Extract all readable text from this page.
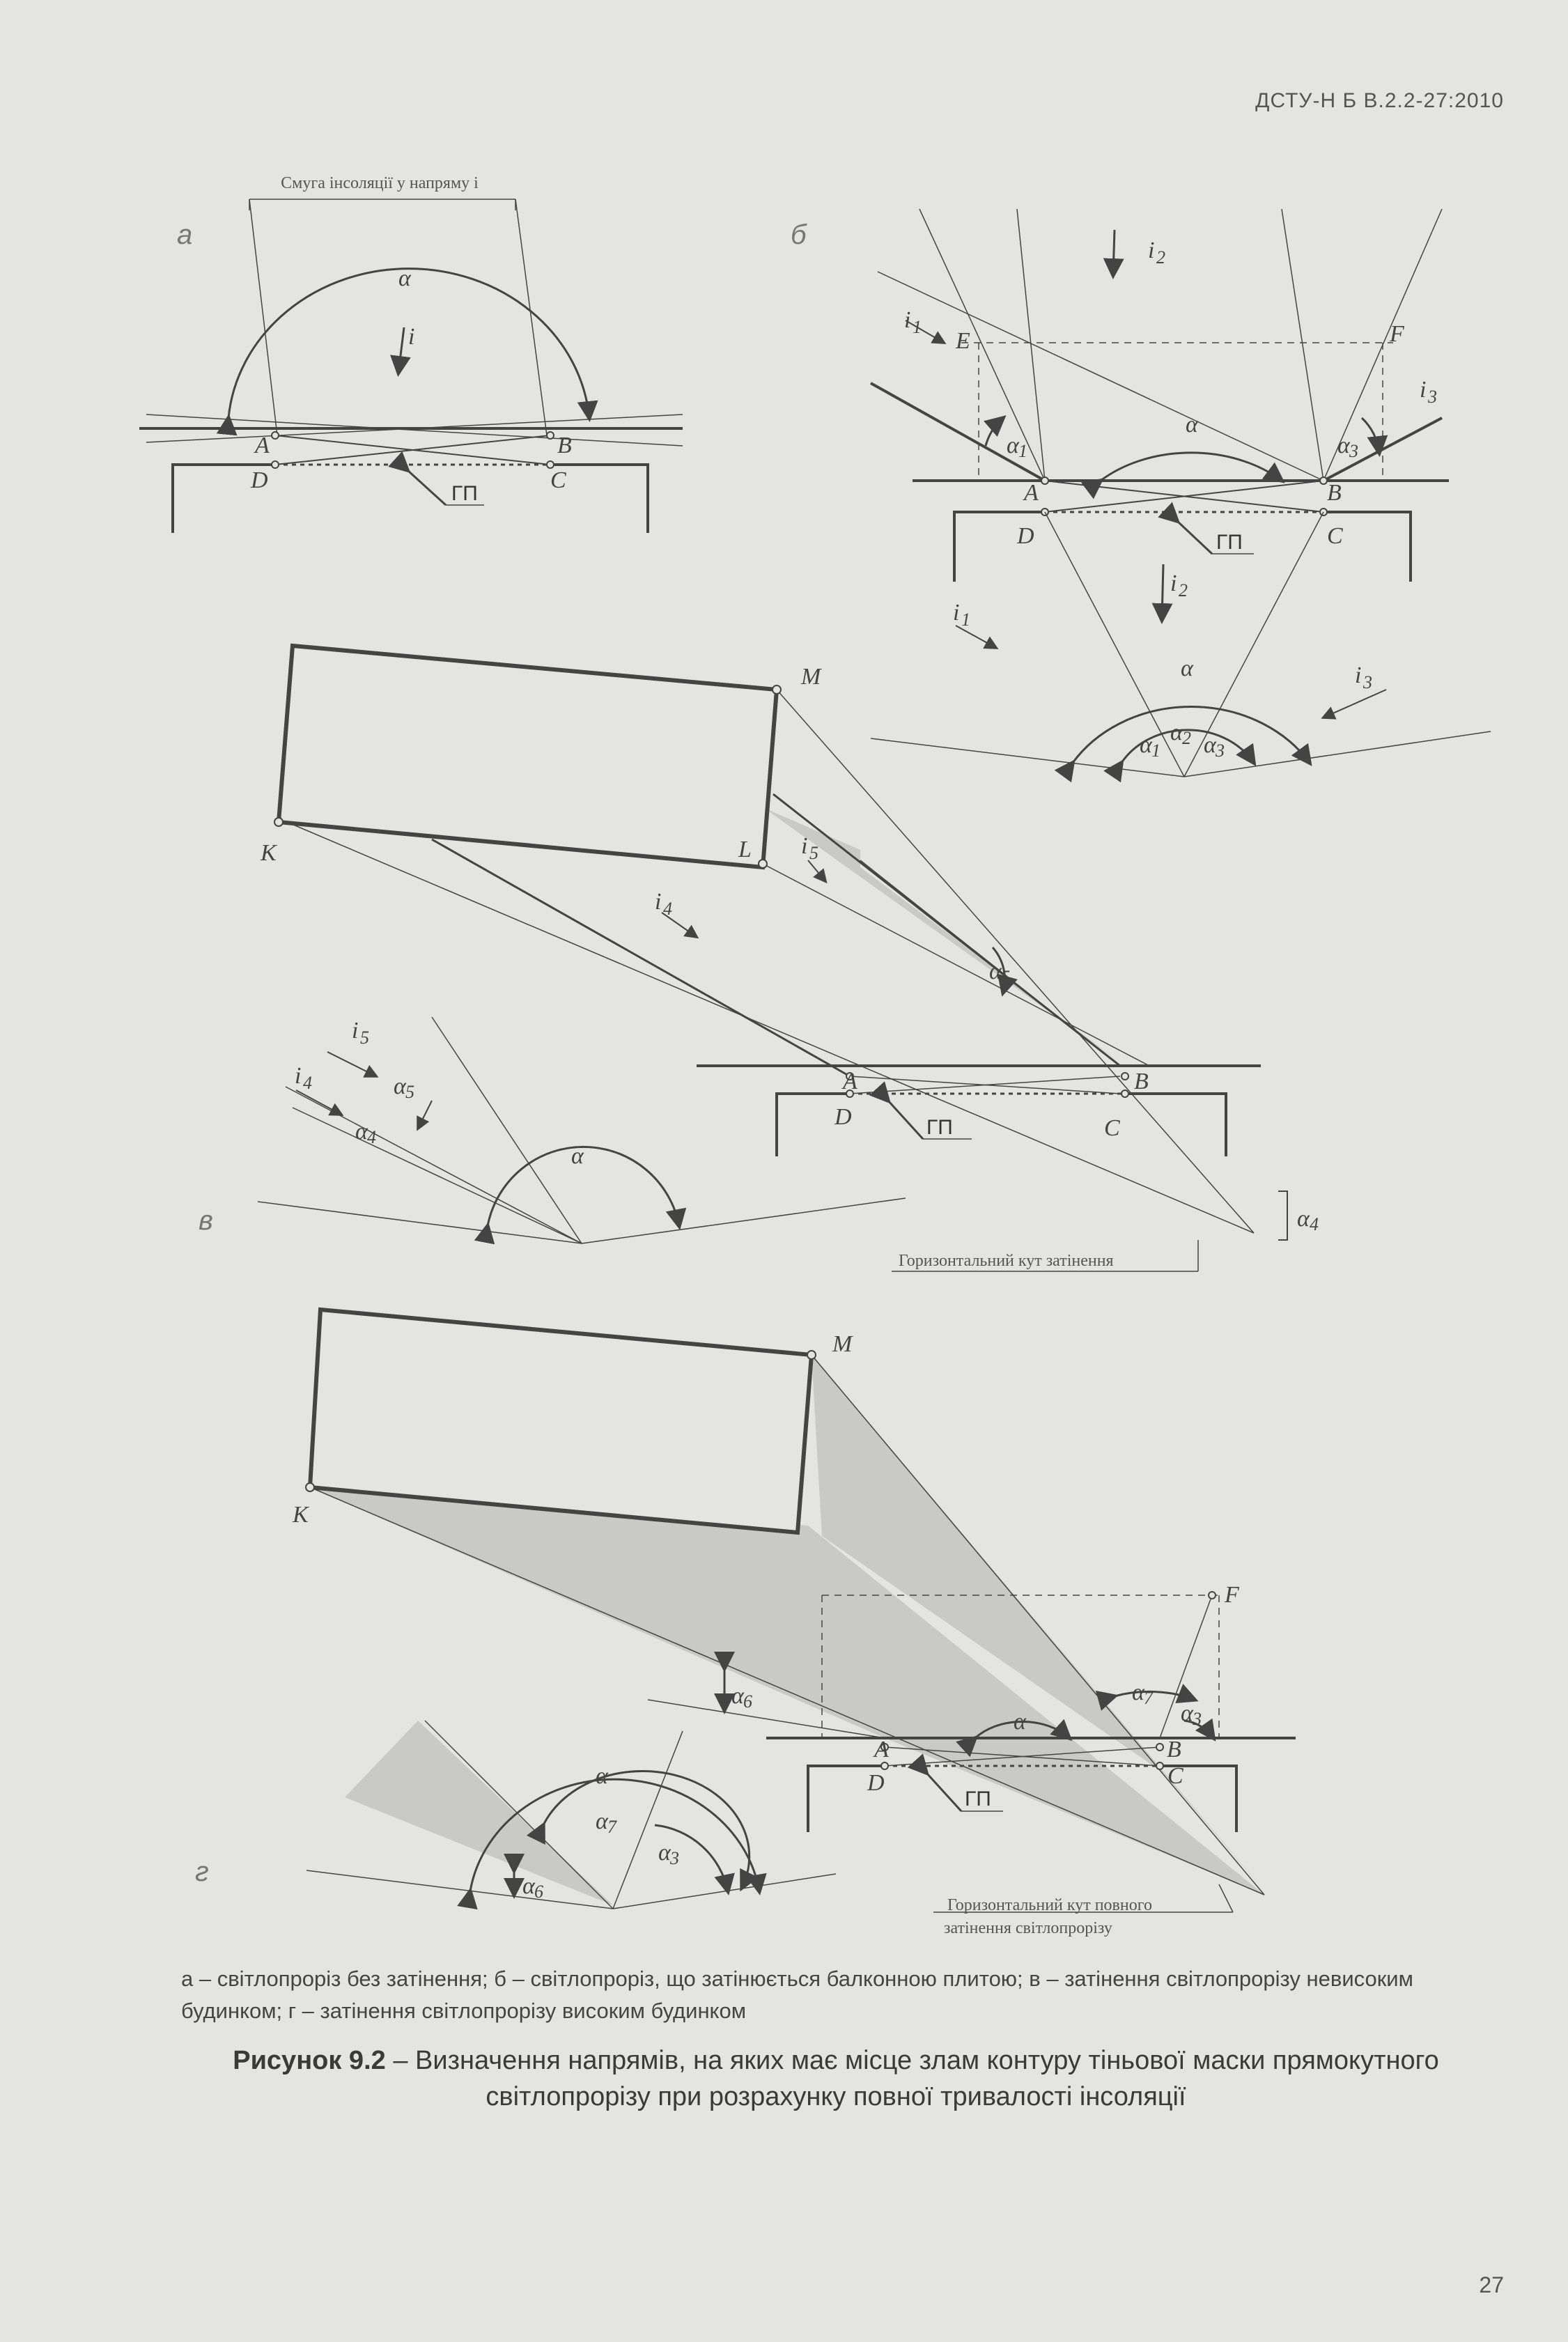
ДСТУ-Н Б В.2.2-27:2010
а
Смуга інсоляції у напряму i
α
i
A	B
D	C
ГП
б
E	F
i 1
i 2
i 3
α
α 1	α 3
A	B
D	C
ГП
α
α 1
α 2 α 3
i 2
i 1
i 3
M
K	L i 5
i 4
α 5
в
A	B
D	C
ГП
α 4
Горизонтальний кут затінення
α
α 5
α 4
i 5
i 4
M
K
F
α 7
α 3
α 6
α
A	B
D	C
ГП
Горизонтальний кут повного
затінення світлопрорізу
г
α
α 7
α 3
α 6
а – світлопроріз без затінення; б – світлопроріз, що затінюється балконною плитою; в – затінення світлопрорізу невисоким будинком; г – затінення світлопрорізу високим будинком
Рисунок 9.2 – Визначення напрямів, на яких має місце злам контуру тіньової маски прямокутного світлопрорізу при розрахунку повної тривалості інсоляції
27
